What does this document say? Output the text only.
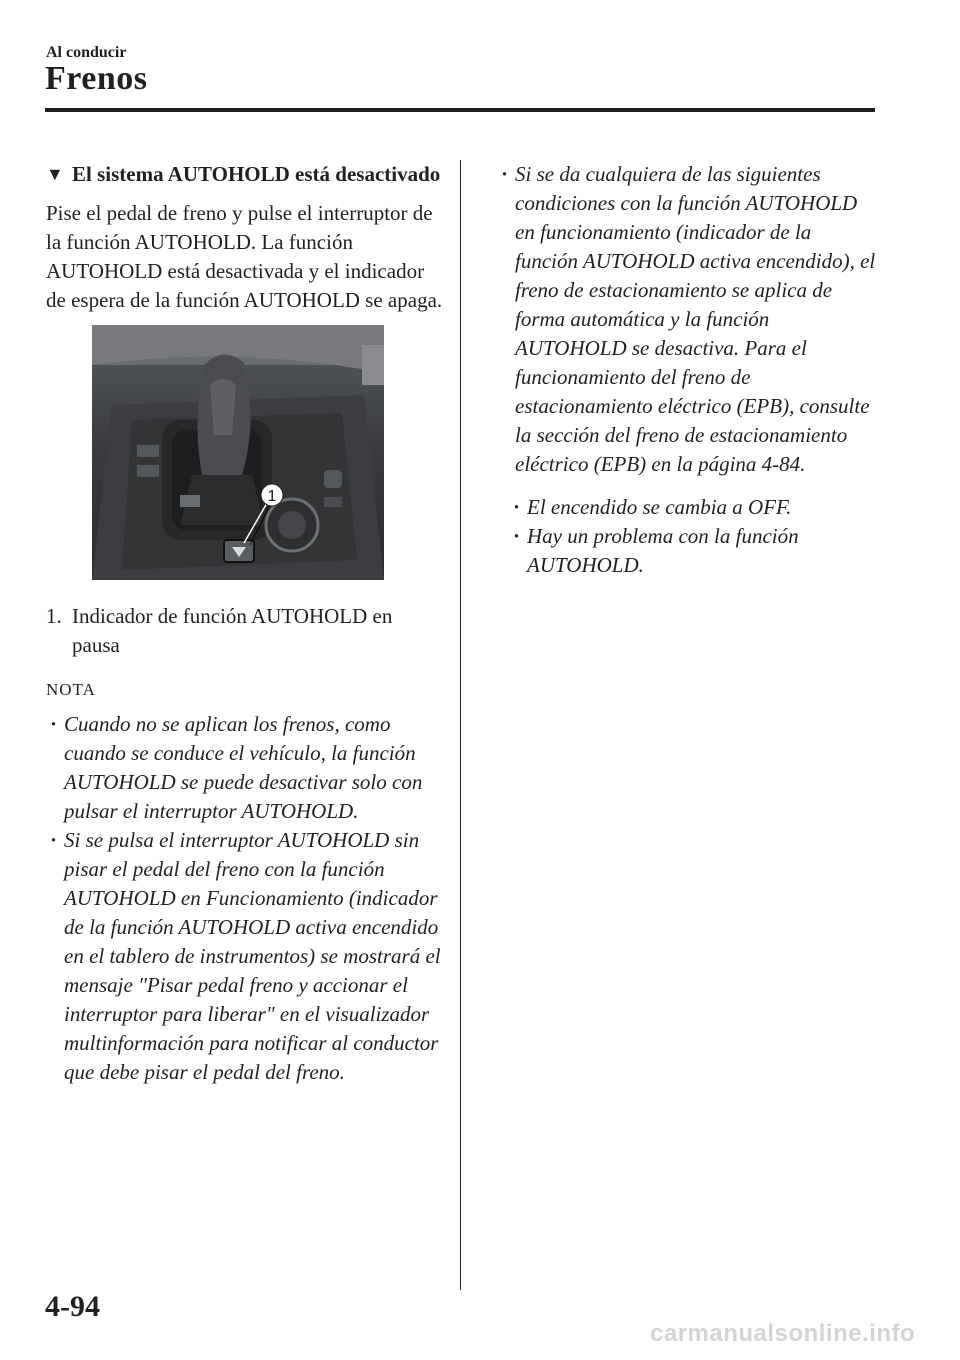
Al conducir
Frenos
▼ El sistema AUTOHOLD está desactivado
Pise el pedal de freno y pulse el interruptor de la función AUTOHOLD. La función AUTOHOLD está desactivada y el indicador de espera de la función AUTOHOLD se apaga.
1
1. Indicador de función AUTOHOLD en pausa
NOTA
· Cuando no se aplican los frenos, como cuando se conduce el vehículo, la función AUTOHOLD se puede desactivar solo con pulsar el interruptor AUTOHOLD.
· Si se pulsa el interruptor AUTOHOLD sin pisar el pedal del freno con la función AUTOHOLD en Funcionamiento (indicador de la función AUTOHOLD activa encendido en el tablero de instrumentos) se mostrará el mensaje "Pisar pedal freno y accionar el interruptor para liberar" en el visualizador multinformación para notificar al conductor que debe pisar el pedal del freno.
· Si se da cualquiera de las siguientes condiciones con la función AUTOHOLD en funcionamiento (indicador de la función AUTOHOLD activa encendido), el freno de estacionamiento se aplica de forma automática y la función AUTOHOLD se desactiva. Para el funcionamiento del freno de estacionamiento eléctrico (EPB), consulte la sección del freno de estacionamiento eléctrico (EPB) en la página 4-84.
· El encendido se cambia a OFF.
· Hay un problema con la función AUTOHOLD.
4-94
carmanualsonline.info
